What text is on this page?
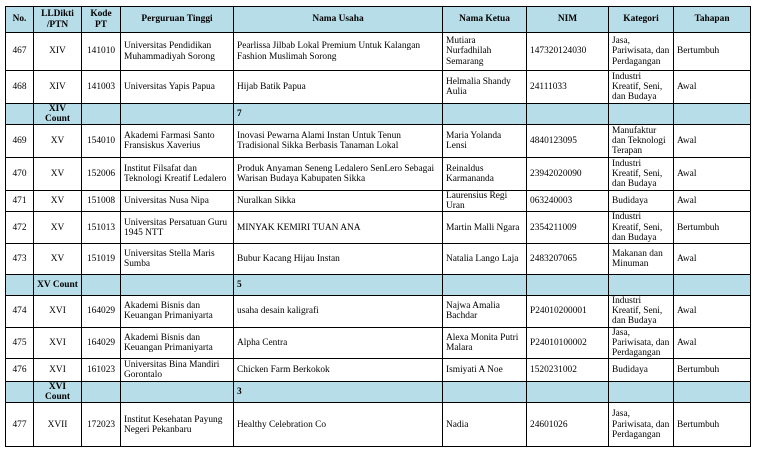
No.	LLDikti /PTN	Kode PT	Perguruan Tinggi	Nama Usaha	Nama Ketua	NIM	Kategori	Tahapan
467	XIV	141010	Universitas Pendidikan Muhammadiyah Sorong	Pearlissa Jilbab Lokal Premium Untuk Kalangan Fashion Muslimah Sorong	Mutiara Nurfadhilah Semarang	147320124030	Jasa, Pariwisata, dan Perdagangan	Bertumbuh
468	XIV	141003	Universitas Yapis Papua	Hijab Batik Papua	Helmalia Shandy Aulia	24111033	Industri Kreatif, Seni, dan Budaya	Awal
	XIV Count			7				
469	XV	154010	Akademi Farmasi Santo Fransiskus Xaverius	Inovasi Pewarna Alami Instan Untuk Tenun Tradisional Sikka Berbasis Tanaman Lokal	Maria Yolanda Lensi	4840123095	Manufaktur dan Teknologi Terapan	Awal
470	XV	152006	Institut Filsafat dan Teknologi Kreatif Ledalero	Produk Anyaman Seneng Ledalero SenLero Sebagai Warisan Budaya Kabupaten Sikka	Reinaldus Karmananda	23942020090	Industri Kreatif, Seni, dan Budaya	Awal
471	XV	151008	Universitas Nusa Nipa	Nuralkan Sikka	Laurensius Regi Uran	063240003	Budidaya	Awal
472	XV	151013	Universitas Persatuan Guru 1945 NTT	MINYAK KEMIRI TUAN ANA	Martin Malli Ngara	2354211009	Industri Kreatif, Seni, dan Budaya	Bertumbuh
473	XV	151019	Universitas Stella Maris Sumba	Bubur Kacang Hijau Instan	Natalia Lango Laja	2483207065	Makanan dan Minuman	Awal
	XV Count			5				
474	XVI	164029	Akademi Bisnis dan Keuangan Primaniyarta	usaha desain kaligrafi	Najwa Amalia Bachdar	P24010200001	Industri Kreatif, Seni, dan Budaya	Awal
475	XVI	164029	Akademi Bisnis dan Keuangan Primaniyarta	Alpha Centra	Alexa Monita Putri Malara	P24010100002	Jasa, Pariwisata, dan Perdagangan	Awal
476	XVI	161023	Universitas Bina Mandiri Gorontalo	Chicken Farm Berkokok	Ismiyati A Noe	1520231002	Budidaya	Bertumbuh
	XVI Count			3				
477	XVII	172023	Institut Kesehatan Payung Negeri Pekanbaru	Healthy Celebration Co	Nadia	24601026	Jasa, Pariwisata, dan Perdagangan	Bertumbuh
